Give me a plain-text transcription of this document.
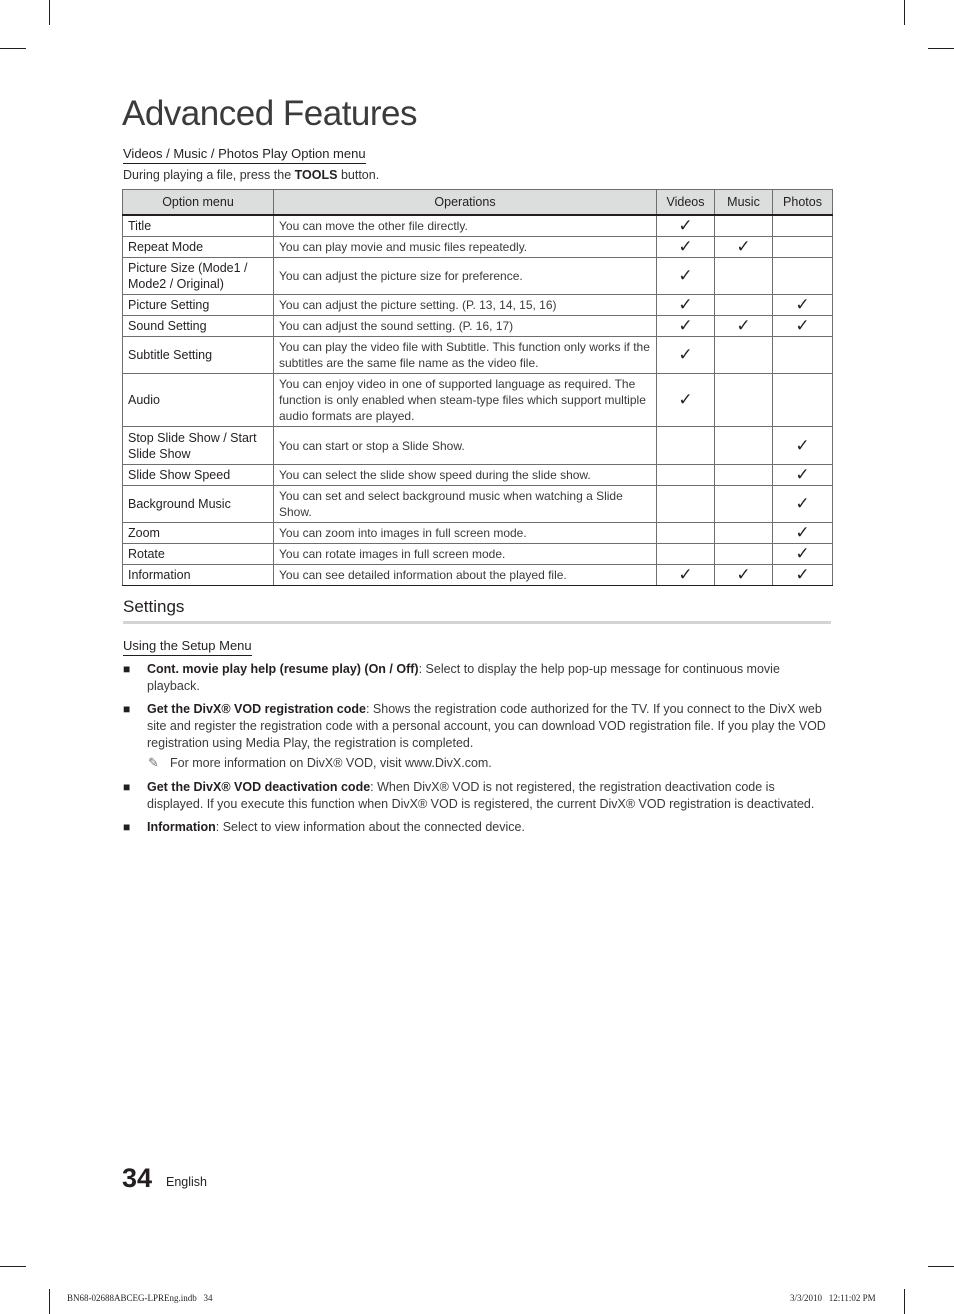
Advanced Features
Videos / Music / Photos Play Option menu
During playing a file, press the TOOLS button.
Option menu	Operations	Videos	Music	Photos
Title	You can move the other file directly.	✓		
Repeat Mode	You can play movie and music files repeatedly.	✓	✓	
Picture Size (Mode1 / Mode2 / Original)	You can adjust the picture size for preference.	✓		
Picture Setting	You can adjust the picture setting. (P. 13, 14, 15, 16)	✓		✓
Sound Setting	You can adjust the sound setting. (P. 16, 17)	✓	✓	✓
Subtitle Setting	You can play the video file with Subtitle. This function only works if the subtitles are the same file name as the video file.	✓		
Audio	You can enjoy video in one of supported language as required. The function is only enabled when steam-type files which support multiple audio formats are played.	✓		
Stop Slide Show / Start Slide Show	You can start or stop a Slide Show.			✓
Slide Show Speed	You can select the slide show speed during the slide show.			✓
Background Music	You can set and select background music when watching a Slide Show.			✓
Zoom	You can zoom into images in full screen mode.			✓
Rotate	You can rotate images in full screen mode.			✓
Information	You can see detailed information about the played file.	✓	✓	✓
Settings
Using the Setup Menu
■ Cont. movie play help (resume play) (On / Off): Select to display the help pop-up message for continuous movie playback.
■ Get the DivX® VOD registration code: Shows the registration code authorized for the TV. If you connect to the DivX web site and register the registration code with a personal account, you can download VOD registration file. If you play the VOD registration using Media Play, the registration is completed.
✎ For more information on DivX® VOD, visit www.DivX.com.
■ Get the DivX® VOD deactivation code: When DivX® VOD is not registered, the registration deactivation code is displayed. If you execute this function when DivX® VOD is registered, the current DivX® VOD registration is deactivated.
■ Information: Select to view information about the connected device.
34 English
BN68-02688ABCEG-LPREng.indb   34	3/3/2010   12:11:02 PM
